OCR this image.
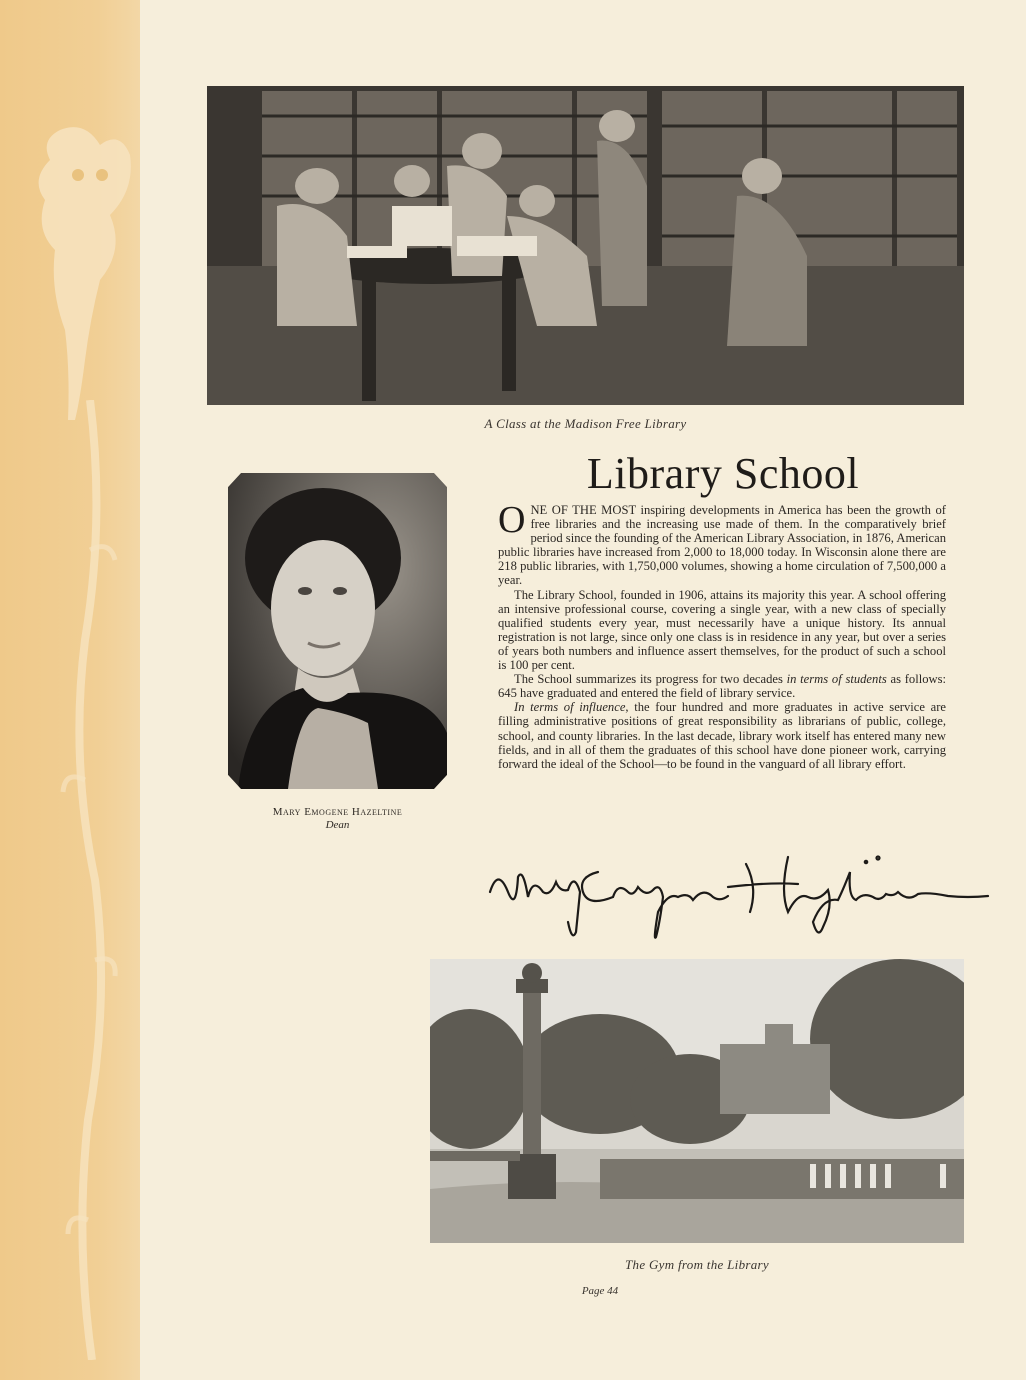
A Class at the Madison Free Library
Mary Emogene Hazeltine
Dean
Library School

ONE OF THE MOST inspiring developments in America has been the growth of free libraries and the increasing use made of them. In the comparatively brief period since the founding of the American Library Association, in 1876, American public libraries have increased from 2,000 to 18,000 today. In Wisconsin alone there are 218 public libraries, with 1,750,000 volumes, showing a home circulation of 7,500,000 a year.

The Library School, founded in 1906, attains its majority this year. A school offering an intensive professional course, covering a single year, with a new class of specially qualified students every year, must necessarily have a unique history. Its annual registration is not large, since only one class is in residence in any year, but over a series of years both numbers and influence assert themselves, for the product of such a school is 100 per cent.

The School summarizes its progress for two decades in terms of students as follows: 645 have graduated and entered the field of library service.

In terms of influence, the four hundred and more graduates in active service are filling administrative positions of great responsibility as librarians of public, college, school, and county libraries. In the last decade, library work itself has entered many new fields, and in all of them the graduates of this school have done pioneer work, carrying forward the ideal of the School—to be found in the vanguard of all library effort.

The Gym from the Library
Page 44
